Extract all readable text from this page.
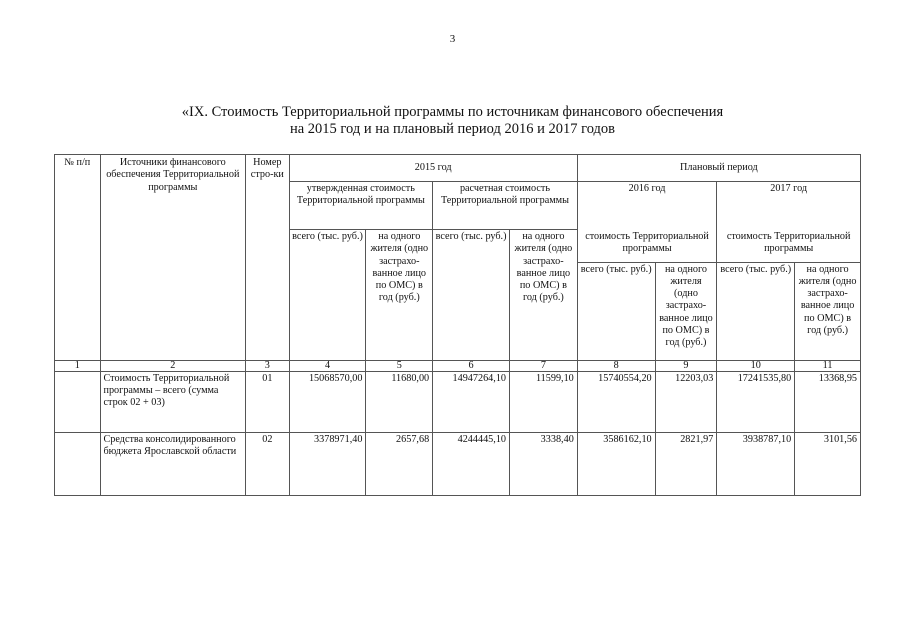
3
«IX. Стоимость Территориальной программы по источникам финансового обеспечения
на 2015 год и на плановый период 2016 и 2017 годов
№ п/п	Источники финансового обеспечения Территориальной программы	Номер стро-ки	2015 год				Плановый период			
			утвержденная стоимость Территориальной программы		расчетная стоимость Территориальной программы		2016 год		2017 год	
			всего (тыс. руб.)	на одного жителя (одно застрахо-ванное лицо по ОМС) в год (руб.)	всего (тыс. руб.)	на одного жителя (одно застрахо-ванное лицо по ОМС) в год (руб.)	стоимость Территориальной программы		стоимость Территориальной программы	
							всего (тыс. руб.)	на одного жителя (одно застрахо-ванное лицо по ОМС) в год (руб.)	всего (тыс. руб.)	на одного жителя (одно застрахо-ванное лицо по ОМС) в год (руб.)
1	2	3	4	5	6	7	8	9	10	11
	Стоимость Территориальной программы – всего (сумма строк 02 + 03)	01	15068570,00	11680,00	14947264,10	11599,10	15740554,20	12203,03	17241535,80	13368,95
	Средства консолидированного бюджета Ярославской области	02	3378971,40	2657,68	4244445,10	3338,40	3586162,10	2821,97	3938787,10	3101,56
